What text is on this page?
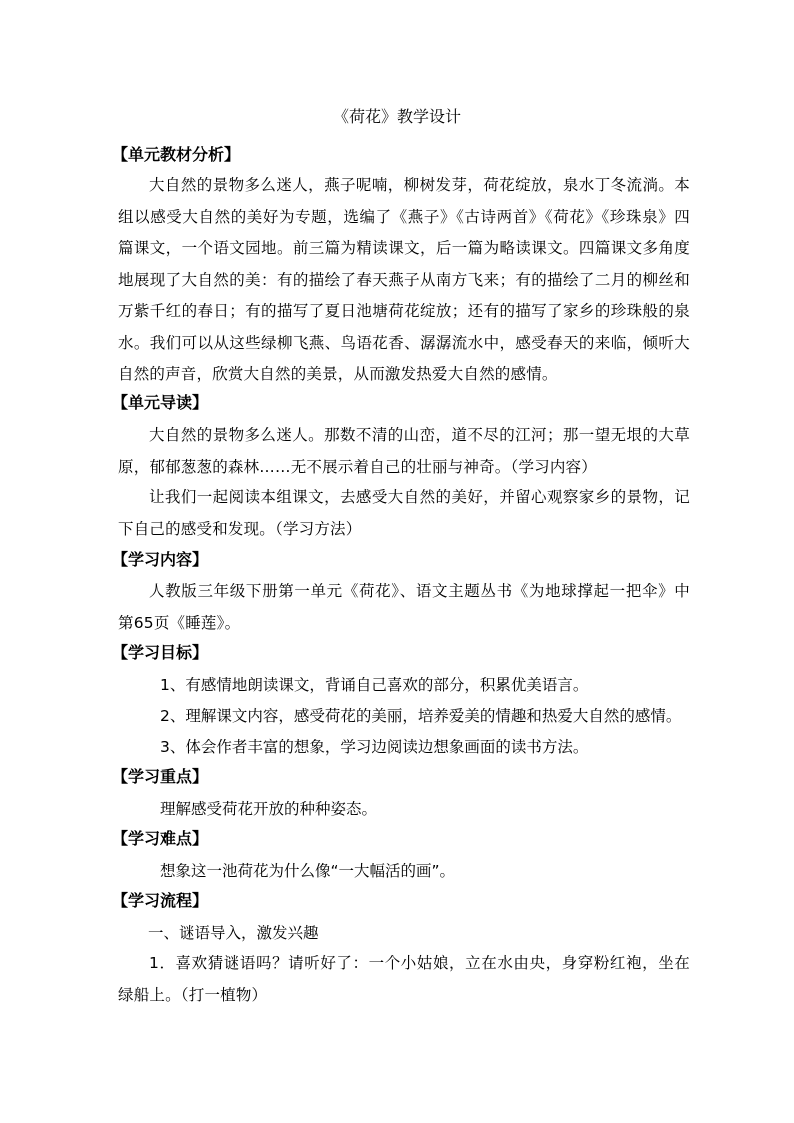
《荷花》教学设计
【单元教材分析】
大自然的景物多么迷人，燕子呢喃，柳树发芽，荷花绽放，泉水丁冬流淌。本组以感受大自然的美好为专题，选编了《燕子》《古诗两首》《荷花》《珍珠泉》四篇课文，一个语文园地。前三篇为精读课文，后一篇为略读课文。四篇课文多角度地展现了大自然的美：有的描绘了春天燕子从南方飞来；有的描绘了二月的柳丝和万紫千红的春日；有的描写了夏日池塘荷花绽放；还有的描写了家乡的珍珠般的泉水。我们可以从这些绿柳飞燕、鸟语花香、潺潺流水中，感受春天的来临，倾听大自然的声音，欣赏大自然的美景，从而激发热爱大自然的感情。
【单元导读】
大自然的景物多么迷人。那数不清的山峦，道不尽的江河；那一望无垠的大草原，郁郁葱葱的森林……无不展示着自己的壮丽与神奇。（学习内容）
让我们一起阅读本组课文，去感受大自然的美好，并留心观察家乡的景物，记下自己的感受和发现。（学习方法）
【学习内容】
人教版三年级下册第一单元《荷花》、语文主题丛书《为地球撑起一把伞》中第65页《睡莲》。
【学习目标】
1、有感情地朗读课文，背诵自己喜欢的部分，积累优美语言。
2、理解课文内容，感受荷花的美丽，培养爱美的情趣和热爱大自然的感情。
3、体会作者丰富的想象，学习边阅读边想象画面的读书方法。
【学习重点】
理解感受荷花开放的种种姿态。
【学习难点】
想象这一池荷花为什么像“一大幅活的画”。
【学习流程】
一、谜语导入，激发兴趣
1．喜欢猜谜语吗？请听好了：一个小姑娘，立在水由央，身穿粉红袍，坐在绿船上。（打一植物）
